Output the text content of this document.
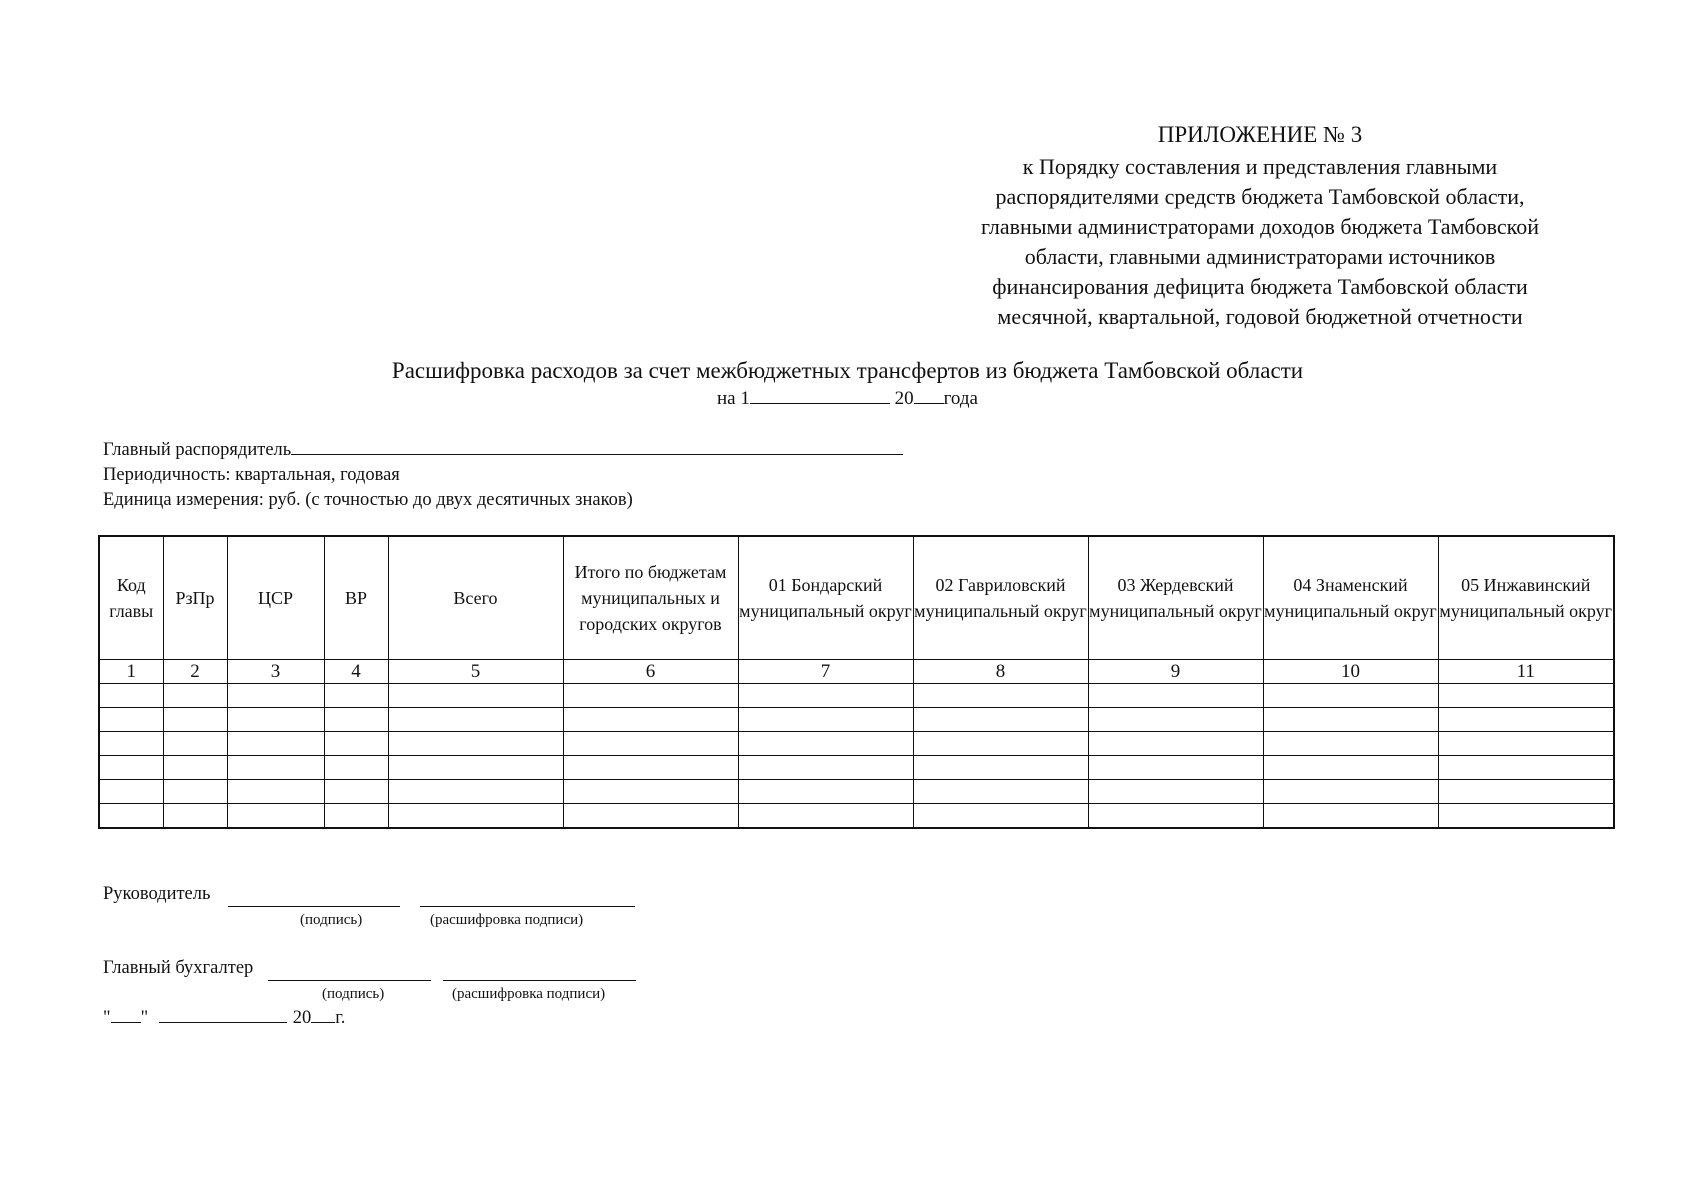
ПРИЛОЖЕНИЕ № 3
к Порядку составления и представления главными
распорядителями средств бюджета Тамбовской области,
главными администраторами доходов бюджета Тамбовской
области, главными администраторами источников
финансирования дефицита бюджета Тамбовской области
месячной, квартальной, годовой бюджетной отчетности
Расшифровка расходов за счет межбюджетных трансфертов из бюджета Тамбовской области
на 1	20 года
Главный распорядитель
Периодичность: квартальная, годовая
Единица измерения: руб. (с точностью до двух десятичных знаков)
Код главы	РзПр	ЦСР	ВР	Всего	Итого по бюджетам муниципальных и городских округов	01 Бондарский муниципальный округ	02 Гавриловский муниципальный округ	03 Жердевский муниципальный округ	04 Знаменский муниципальный округ	05 Инжавинский муниципальный округ
1	2	3	4	5	6	7	8	9	10	11

Руководитель
(подпись)	(расшифровка подписи)
Главный бухгалтер
(подпись)	(расшифровка подписи)
" "	20 г.
